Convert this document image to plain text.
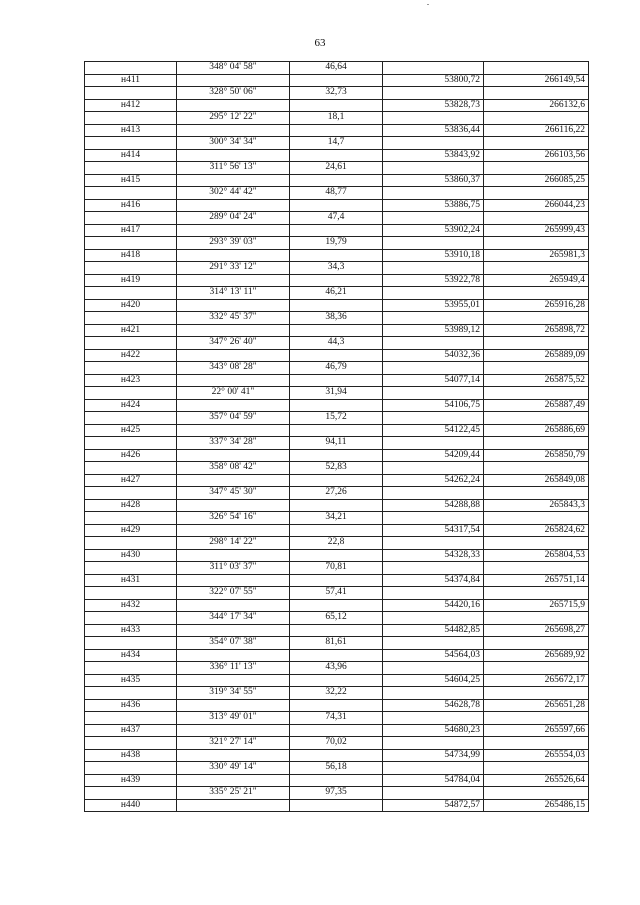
63
	348° 04' 58"	46,64		
н411			53800,72	266149,54
	328° 50' 06"	32,73		
н412			53828,73	266132,6
	295° 12' 22"	18,1		
н413			53836,44	266116,22
	300° 34' 34"	14,7		
н414			53843,92	266103,56
	311° 56' 13"	24,61		
н415			53860,37	266085,25
	302° 44' 42"	48,77		
н416			53886,75	266044,23
	289° 04' 24"	47,4		
н417			53902,24	265999,43
	293° 39' 03"	19,79		
н418			53910,18	265981,3
	291° 33' 12"	34,3		
н419			53922,78	265949,4
	314° 13' 11"	46,21		
н420			53955,01	265916,28
	332° 45' 37"	38,36		
н421			53989,12	265898,72
	347° 26' 40"	44,3		
н422			54032,36	265889,09
	343° 08' 28"	46,79		
н423			54077,14	265875,52
	22° 00' 41"	31,94		
н424			54106,75	265887,49
	357° 04' 59"	15,72		
н425			54122,45	265886,69
	337° 34' 28"	94,11		
н426			54209,44	265850,79
	358° 08' 42"	52,83		
н427			54262,24	265849,08
	347° 45' 30"	27,26		
н428			54288,88	265843,3
	326° 54' 16"	34,21		
н429			54317,54	265824,62
	298° 14' 22"	22,8		
н430			54328,33	265804,53
	311° 03' 37"	70,81		
н431			54374,84	265751,14
	322° 07' 55"	57,41		
н432			54420,16	265715,9
	344° 17' 34"	65,12		
н433			54482,85	265698,27
	354° 07' 38"	81,61		
н434			54564,03	265689,92
	336° 11' 13"	43,96		
н435			54604,25	265672,17
	319° 34' 55"	32,22		
н436			54628,78	265651,28
	313° 49' 01"	74,31		
н437			54680,23	265597,66
	321° 27' 14"	70,02		
н438			54734,99	265554,03
	330° 49' 14"	56,18		
н439			54784,04	265526,64
	335° 25' 21"	97,35		
н440			54872,57	265486,15
